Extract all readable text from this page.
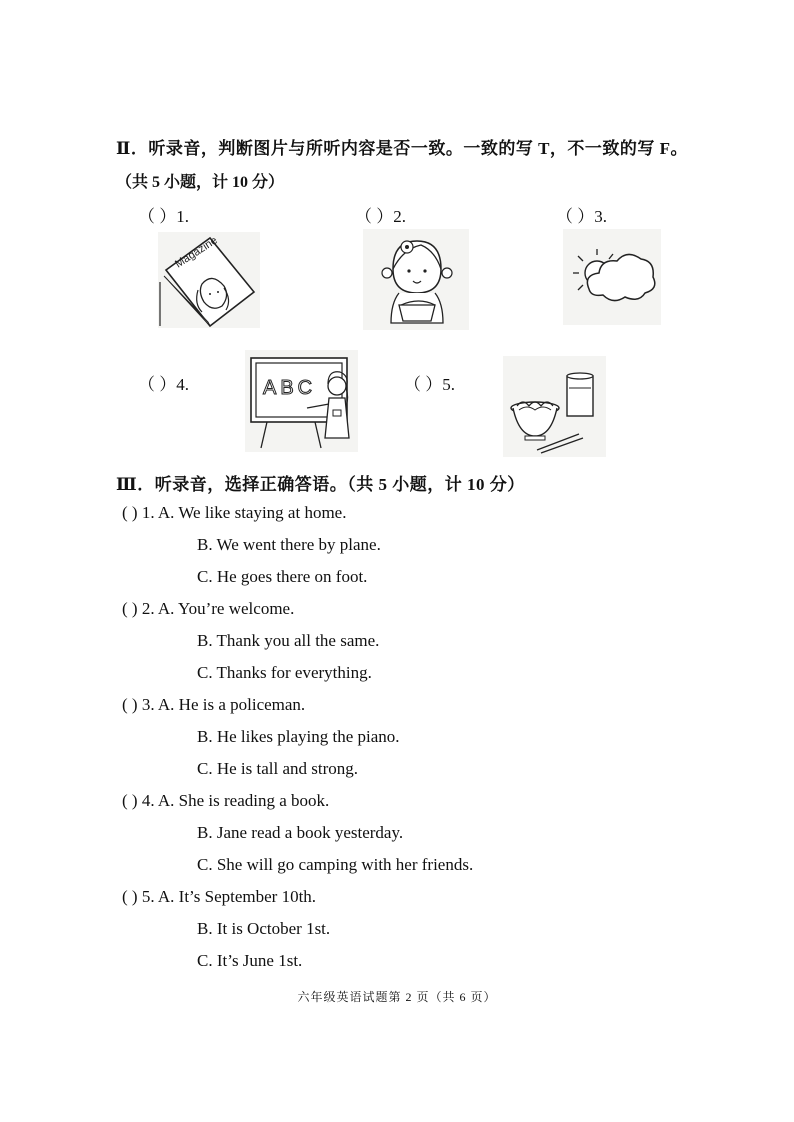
Ⅱ．听录音，判断图片与所听内容是否一致。一致的写 T，不一致的写 F。
（共 5 小题，计 10 分）
（ ）1.	（ ）2.	（ ）3.
Magazine
（ ）4.	（ ）5.
ABC
Ⅲ．听录音，选择正确答语。（共 5 小题，计 10 分）
( ) 1. A. We like staying at home.
B. We went there by plane.
C. He goes there on foot.
( ) 2. A. You’re welcome.
B. Thank you all the same.
C. Thanks for everything.
( ) 3. A. He is a policeman.
B. He likes playing the piano.
C. He is tall and strong.
( ) 4. A. She is reading a book.
B. Jane read a book yesterday.
C. She will go camping with her friends.
( ) 5. A. It’s September 10th.
B. It is October 1st.
C. It’s June 1st.
六年级英语试题第 2 页（共 6 页）
